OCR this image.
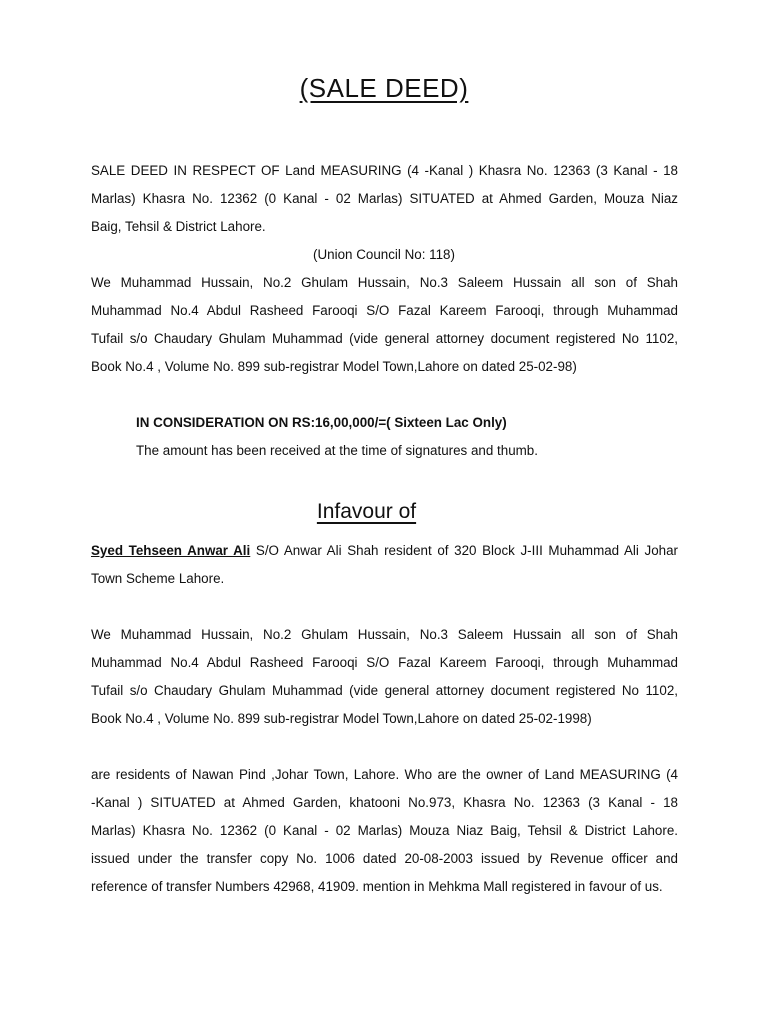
(SALE DEED)
SALE DEED IN RESPECT OF Land MEASURING (4 -Kanal ) Khasra No. 12363 (3 Kanal - 18
Marlas) Khasra No. 12362 (0 Kanal - 02 Marlas) SITUATED at Ahmed Garden, Mouza Niaz
Baig, Tehsil & District Lahore.
(Union Council No: 118)
We Muhammad Hussain, No.2 Ghulam Hussain, No.3 Saleem Hussain all son of Shah
Muhammad No.4 Abdul Rasheed Farooqi S/O Fazal Kareem Farooqi, through Muhammad
Tufail s/o Chaudary Ghulam Muhammad (vide general attorney document registered No 1102,
Book No.4 , Volume No. 899 sub-registrar Model Town,Lahore on dated 25-02-98)
IN CONSIDERATION ON RS:16,00,000/=( Sixteen Lac Only)
The amount has been received at the time of signatures and thumb.
Infavour of
Syed Tehseen Anwar Ali S/O Anwar Ali Shah resident of 320 Block J-III Muhammad Ali Johar
Town Scheme Lahore.
We Muhammad Hussain, No.2 Ghulam Hussain, No.3 Saleem Hussain all son of Shah
Muhammad No.4 Abdul Rasheed Farooqi S/O Fazal Kareem Farooqi, through Muhammad
Tufail s/o Chaudary Ghulam Muhammad (vide general attorney document registered No 1102,
Book No.4 , Volume No. 899 sub-registrar Model Town,Lahore on dated 25-02-1998)
are residents of Nawan Pind ,Johar Town, Lahore. Who are the owner of Land MEASURING (4
-Kanal ) SITUATED at Ahmed Garden, khatooni No.973, Khasra No. 12363 (3 Kanal - 18
Marlas) Khasra No. 12362 (0 Kanal - 02 Marlas) Mouza Niaz Baig, Tehsil & District Lahore.
issued under the transfer copy No. 1006 dated 20-08-2003 issued by Revenue officer and
reference of transfer Numbers 42968, 41909. mention in Mehkma Mall registered in favour of us.
